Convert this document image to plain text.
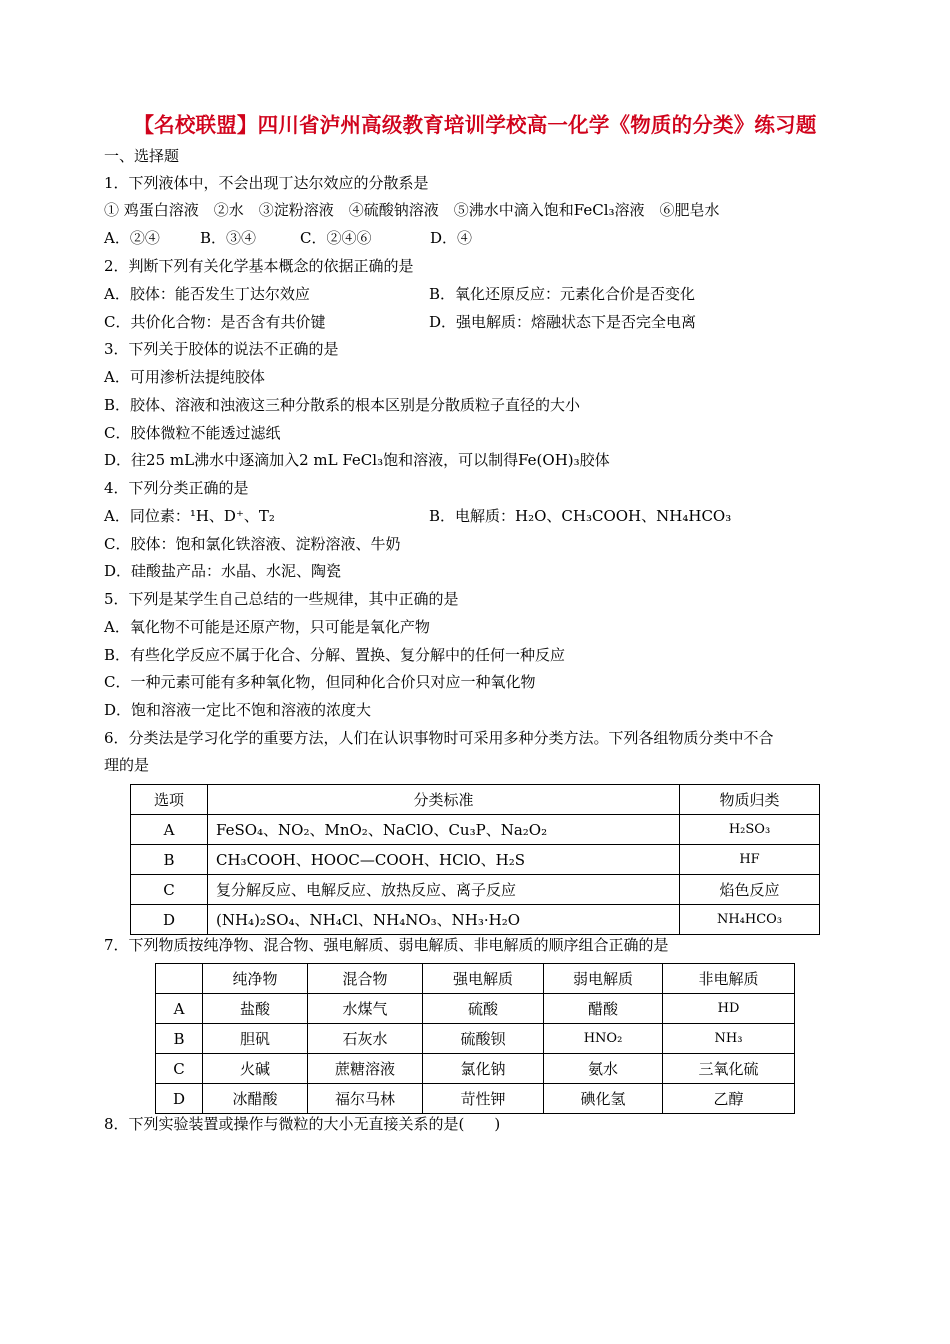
【名校联盟】四川省泸州高级教育培训学校高一化学《物质的分类》练习题
一、选择题
1．下列液体中，不会出现丁达尔效应的分散系是
① 鸡蛋白溶液　②水　③淀粉溶液　④硫酸钠溶液　⑤沸水中滴入饱和FeCl₃溶液　⑥肥皂水
A．②④	B．③④	C．②④⑥	D．④
2．判断下列有关化学基本概念的依据正确的是
A．胶体：能否发生丁达尔效应	B．氧化还原反应：元素化合价是否变化
C．共价化合物：是否含有共价键	D．强电解质：熔融状态下是否完全电离
3．下列关于胶体的说法不正确的是
A．可用渗析法提纯胶体
B．胶体、溶液和浊液这三种分散系的根本区别是分散质粒子直径的大小
C．胶体微粒不能透过滤纸
D．往25 mL沸水中逐滴加入2 mL FeCl₃饱和溶液，可以制得Fe(OH)₃胶体
4．下列分类正确的是
A．同位素：¹H、D⁺、T₂	B．电解质：H₂O、CH₃COOH、NH₄HCO₃
C．胶体：饱和氯化铁溶液、淀粉溶液、牛奶
D．硅酸盐产品：水晶、水泥、陶瓷
5．下列是某学生自己总结的一些规律，其中正确的是
A．氧化物不可能是还原产物，只可能是氧化产物
B．有些化学反应不属于化合、分解、置换、复分解中的任何一种反应
C．一种元素可能有多种氧化物，但同种化合价只对应一种氧化物
D．饱和溶液一定比不饱和溶液的浓度大
6．分类法是学习化学的重要方法，人们在认识事物时可采用多种分类方法。下列各组物质分类中不合
理的是
选项	分类标准	物质归类
A	FeSO₄、NO₂、MnO₂、NaClO、Cu₃P、Na₂O₂	H₂SO₃
B	CH₃COOH、HOOC—COOH、HClO、H₂S	HF
C	复分解反应、电解反应、放热反应、离子反应	焰色反应
D	(NH₄)₂SO₄、NH₄Cl、NH₄NO₃、NH₃·H₂O	NH₄HCO₃
7．下列物质按纯净物、混合物、强电解质、弱电解质、非电解质的顺序组合正确的是
	纯净物	混合物	强电解质	弱电解质	非电解质
A	盐酸	水煤气	硫酸	醋酸	HD
B	胆矾	石灰水	硫酸钡	HNO₂	NH₃
C	火碱	蔗糖溶液	氯化钠	氨水	三氧化硫
D	冰醋酸	福尔马林	苛性钾	碘化氢	乙醇
8．下列实验装置或操作与微粒的大小无直接关系的是(　　)
